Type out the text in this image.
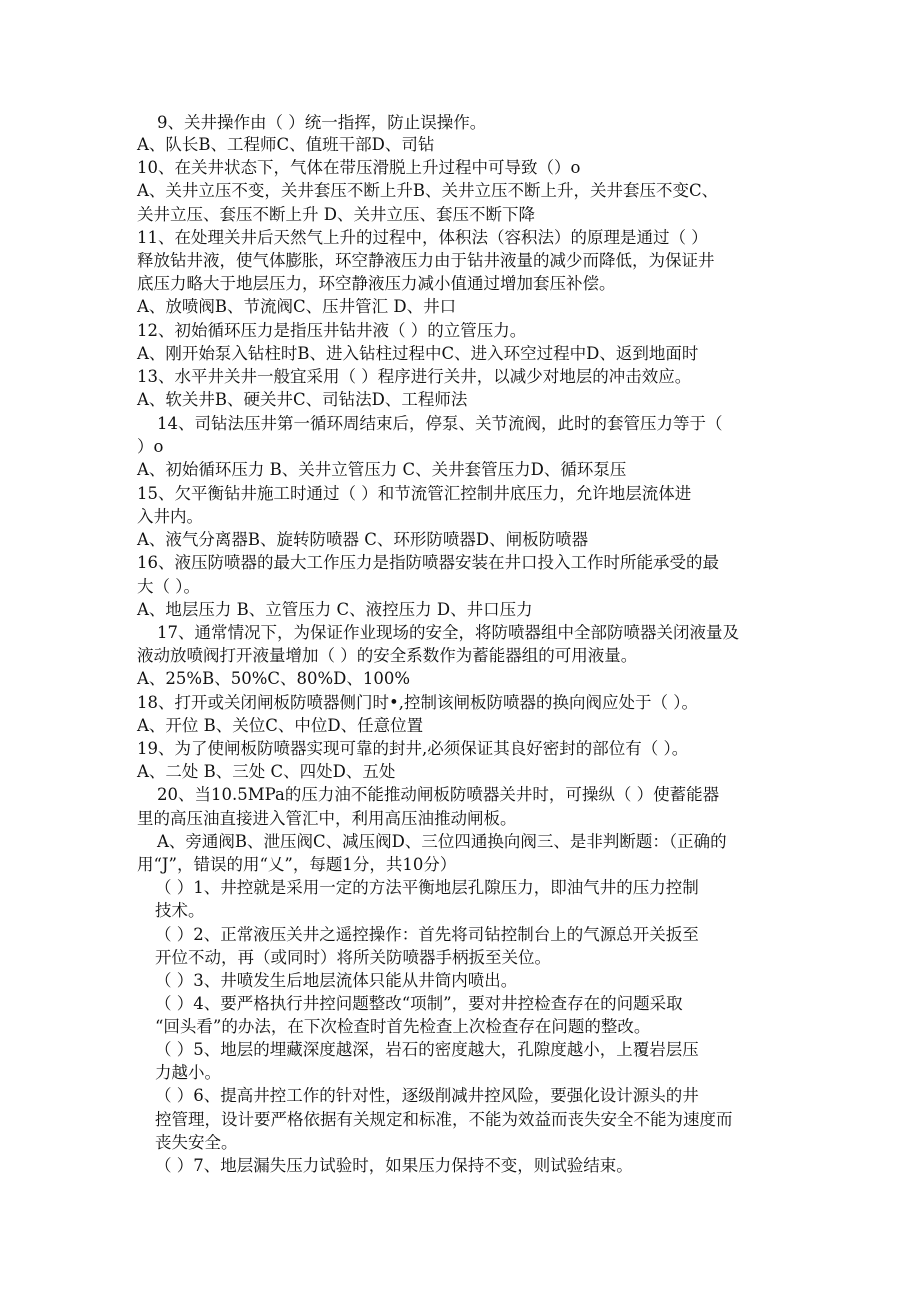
9、关井操作由（ ）统一指挥，防止误操作。

A、队长B、工程师C、值班干部D、司钻

10、在关井状态下，气体在带压滑脱上升过程中可导致（）o

A、关井立压不变，关井套压不断上升B、关井立压不断上升，关井套压不变C、

关井立压、套压不断上升 D、关井立压、套压不断下降

11、在处理关井后天然气上升的过程中，体积法（容积法）的原理是通过（ ）

释放钻井液，使气体膨胀，环空静液压力由于钻井液量的减少而降低，为保证井

底压力略大于地层压力，环空静液压力减小值通过增加套压补偿。

A、放喷阀B、节流阀C、压井管汇 D、井口

12、初始循环压力是指压井钻井液（ ）的立管压力。

A、刚开始泵入钻柱时B、进入钻柱过程中C、进入环空过程中D、返到地面时

13、水平井关井一般宜采用（ ）程序进行关井，以减少对地层的冲击效应。

A、软关井B、硬关井C、司钻法D、工程师法

14、司钻法压井第一循环周结束后，停泵、关节流阀，此时的套管压力等于（

）o

A、初始循环压力 B、关井立管压力 C、关井套管压力D、循环泵压

15、欠平衡钻井施工时通过（ ）和节流管汇控制井底压力，允许地层流体进

入井内。

A、液气分离器B、旋转防喷器 C、环形防喷器D、闸板防喷器

16、液压防喷器的最大工作压力是指防喷器安装在井口投入工作时所能承受的最

大（ ）。

A、地层压力 B、立管压力 C、液控压力 D、井口压力

17、通常情况下，为保证作业现场的安全，将防喷器组中全部防喷器关闭液量及

液动放喷阀打开液量增加（ ）的安全系数作为蓄能器组的可用液量。

A、25%B、50%C、80%D、100%

18、打开或关闭闸板防喷器侧门时•,控制该闸板防喷器的换向阀应处于（ ）。

A、开位 B、关位C、中位D、任意位置

19、为了使闸板防喷器实现可靠的封井,必须保证其良好密封的部位有（ ）。

A、二处 B、三处 C、四处D、五处

20、当10.5MPa的压力油不能推动闸板防喷器关井时，可操纵（ ）使蓄能器

里的高压油直接进入管汇中，利用高压油推动闸板。

A、旁通阀B、泄压阀C、减压阀D、三位四通换向阀三、是非判断题：（正确的

用“J”，错误的用“乂”，每题1分，共10分）

（ ）1、井控就是采用一定的方法平衡地层孔隙压力，即油气井的压力控制

技术。

（ ）2、正常液压关井之遥控操作：首先将司钻控制台上的气源总开关扳至

开位不动，再（或同时）将所关防喷器手柄扳至关位。

（ ）3、井喷发生后地层流体只能从井筒内喷出。

（ ）4、要严格执行井控问题整改“项制”，要对井控检查存在的问题采取

“回头看”的办法，在下次检查时首先检查上次检查存在问题的整改。

（ ）5、地层的埋藏深度越深，岩石的密度越大，孔隙度越小，上覆岩层压

力越小。

（ ）6、提高井控工作的针对性，逐级削减井控风险，要强化设计源头的井

控管理，设计要严格依据有关规定和标准，不能为效益而丧失安全不能为速度而

丧失安全。

（ ）7、地层漏失压力试验时，如果压力保持不变，则试验结束。
